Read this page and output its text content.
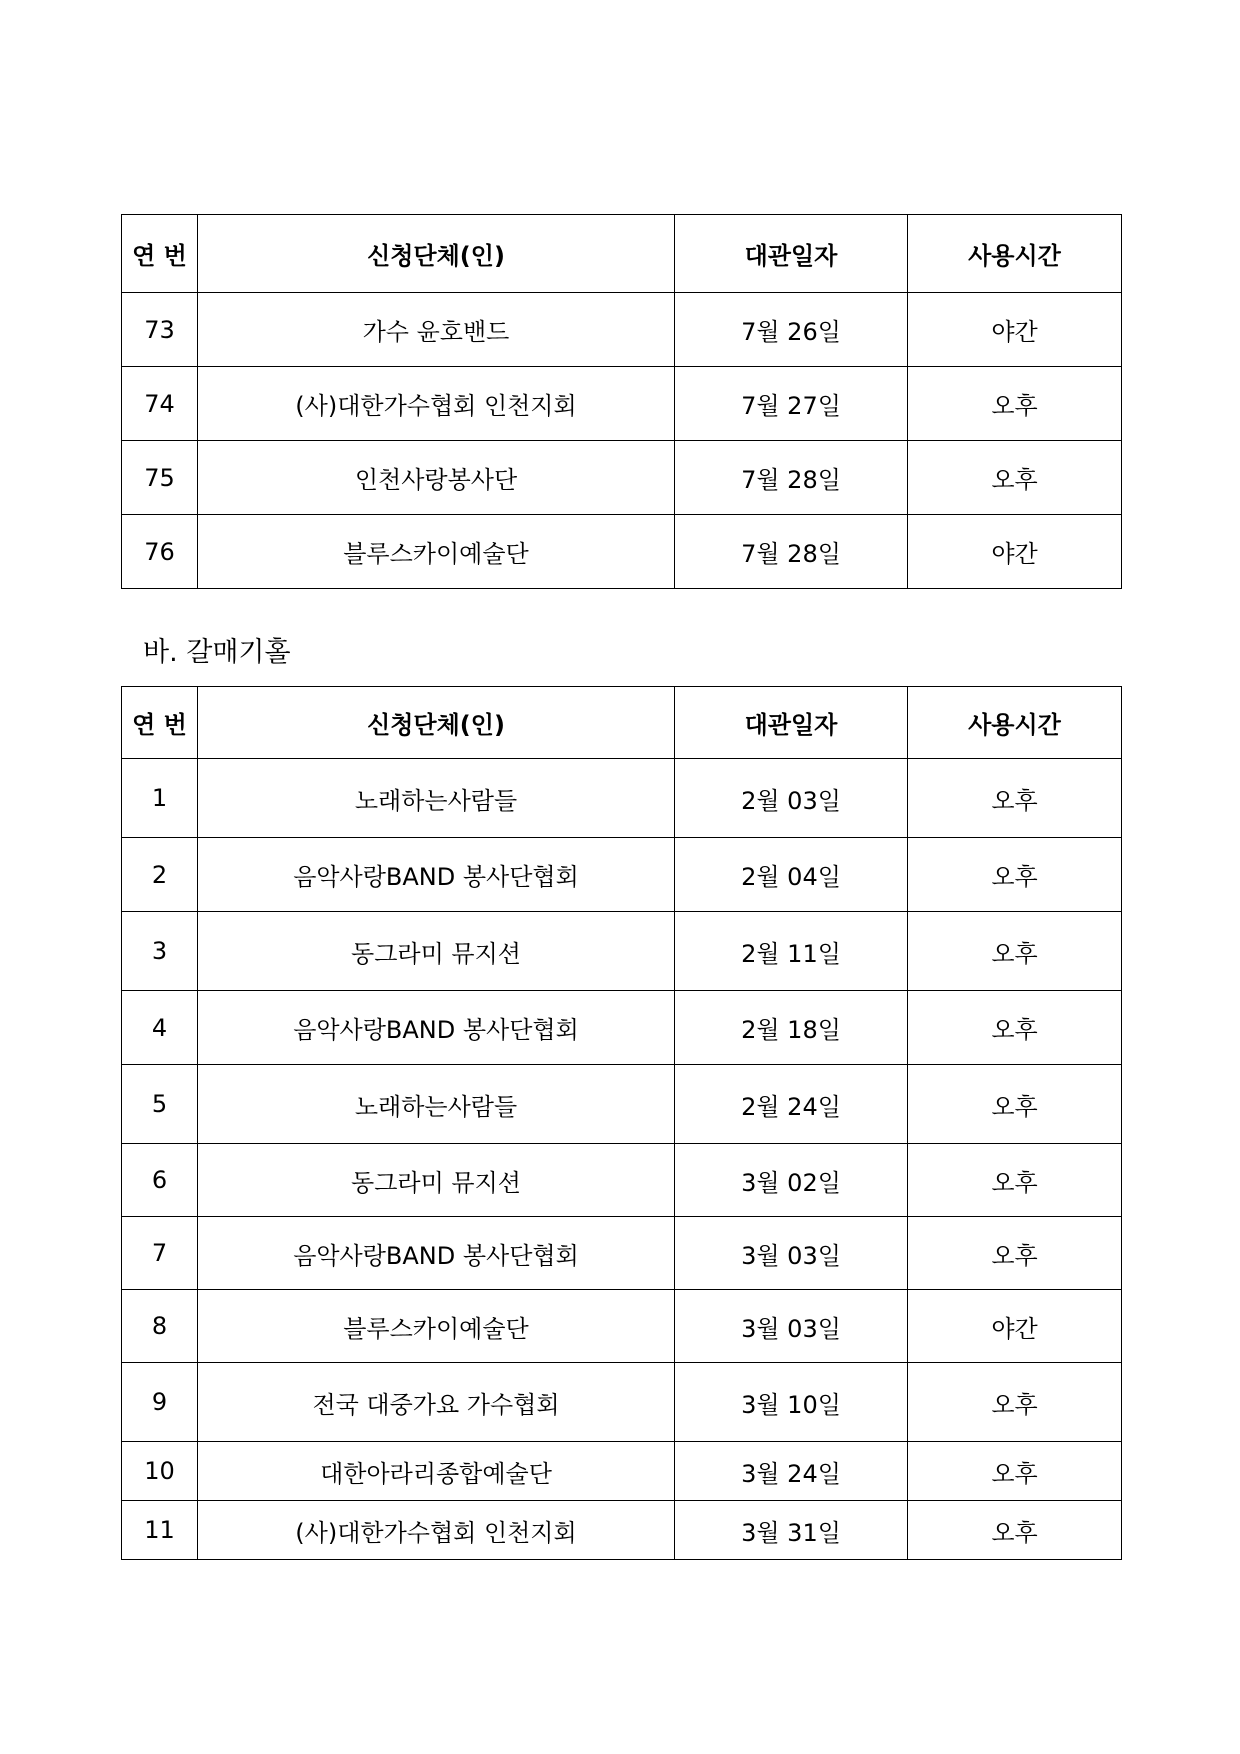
연 번	신청단체(인)	대관일자	사용시간
73	가수 윤호밴드	7월 26일	야간
74	(사)대한가수협회 인천지회	7월 27일	오후
75	인천사랑봉사단	7월 28일	오후
76	블루스카이예술단	7월 28일	야간
바. 갈매기홀
연 번	신청단체(인)	대관일자	사용시간
1	노래하는사람들	2월 03일	오후
2	음악사랑BAND 봉사단협회	2월 04일	오후
3	동그라미 뮤지션	2월 11일	오후
4	음악사랑BAND 봉사단협회	2월 18일	오후
5	노래하는사람들	2월 24일	오후
6	동그라미 뮤지션	3월 02일	오후
7	음악사랑BAND 봉사단협회	3월 03일	오후
8	블루스카이예술단	3월 03일	야간
9	전국 대중가요 가수협회	3월 10일	오후
10	대한아라리종합예술단	3월 24일	오후
11	(사)대한가수협회 인천지회	3월 31일	오후
